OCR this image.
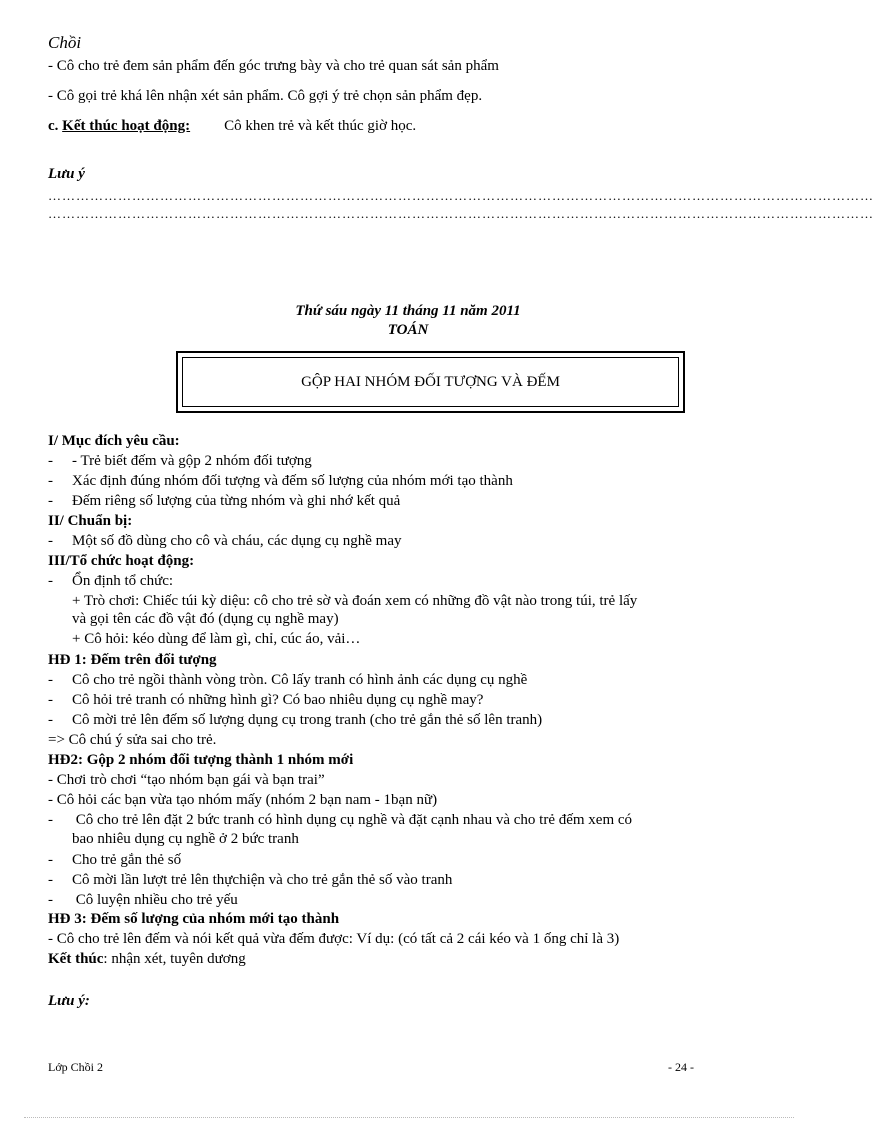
Chồi
- Cô cho trẻ đem sản phẩm đến góc trưng bày và cho trẻ quan sát sản phẩm
- Cô gọi trẻ khá lên nhận xét sản phẩm. Cô gợi ý trẻ chọn sản phẩm đẹp.
c. Kết thúc hoạt động: Cô khen trẻ và kết thúc giờ học.
Lưu ý
……………………………………………………………………………………………………………………………………………………………
……………………………………………………………………………………………………………………………………………………………
Thứ sáu ngày 11 tháng 11 năm 2011
TOÁN
GỘP HAI NHÓM ĐỐI TƯỢNG VÀ ĐẾM
I/ Mục đích yêu cầu:
- - Trẻ biết đếm và gộp 2 nhóm đối tượng
- Xác định đúng nhóm đối tượng và đếm số lượng của nhóm mới tạo thành
- Đếm riêng số lượng của từng nhóm và ghi nhớ kết quả
II/ Chuẩn bị:
- Một số đồ dùng cho cô và cháu, các dụng cụ nghề may
III/Tổ chức hoạt động:
- Ổn định tổ chức:
+ Trò chơi: Chiếc túi kỳ diệu: cô cho trẻ sờ và đoán xem có những đồ vật nào trong túi, trẻ lấy
và gọi tên các đồ vật đó (dụng cụ nghề may)
+ Cô hỏi: kéo dùng để làm gì, chỉ, cúc áo, vải…
HĐ 1: Đếm trên đối tượng
- Cô cho trẻ ngồi thành vòng tròn. Cô lấy tranh có hình ảnh các dụng cụ nghề
- Cô hỏi trẻ tranh có những hình gì? Có bao nhiêu dụng cụ nghề may?
- Cô mời trẻ lên đếm số lượng dụng cụ trong tranh (cho trẻ gắn thẻ số lên tranh)
=> Cô chú ý sửa sai cho trẻ.
HĐ2: Gộp 2 nhóm đối tượng thành 1 nhóm mới
- Chơi trò chơi “tạo nhóm bạn gái và bạn trai”
- Cô hỏi các bạn vừa tạo nhóm mấy (nhóm 2 bạn nam - 1bạn nữ)
- Cô cho trẻ lên đặt 2 bức tranh có hình dụng cụ nghề và đặt cạnh nhau và cho trẻ đếm xem có
bao nhiêu dụng cụ nghề ở 2 bức tranh
- Cho trẻ gắn thẻ số
- Cô mời lần lượt trẻ lên thựchiện và cho trẻ gắn thẻ số vào tranh
- Cô luyện nhiều cho trẻ yếu
HĐ 3: Đếm số lượng của nhóm mới tạo thành
- Cô cho trẻ lên đếm và nói kết quả vừa đếm được: Ví dụ: (có tất cả 2 cái kéo và 1 ống chỉ là 3)
Kết thúc: nhận xét, tuyên dương
Lưu ý:
Lớp Chồi 2	- 24 -
